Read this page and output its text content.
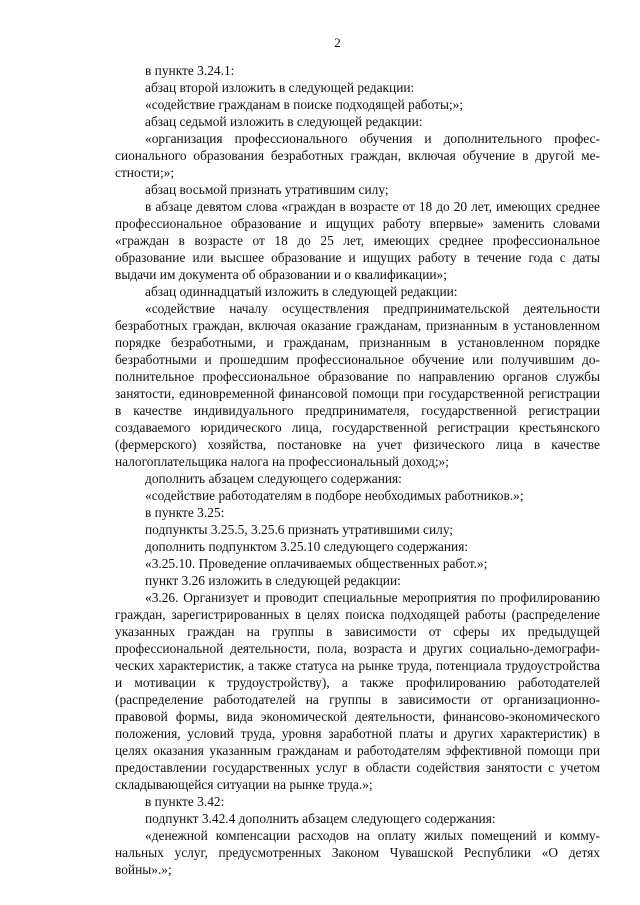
2

в пункте 3.24.1:

абзац второй изложить в следующей редакции:

«содействие гражданам в поиске подходящей работы;»;

абзац седьмой изложить в следующей редакции:

«организация профессионального обучения и дополнительного профессионального образования безработных граждан, включая обучение в другой местности;»;

абзац восьмой признать утратившим силу;

в абзаце девятом слова «граждан в возрасте от 18 до 20 лет, имеющих среднее профессиональное образование и ищущих работу впервые» заменить словами «граждан в возрасте от 18 до 25 лет, имеющих среднее профессиональное образование или высшее образование и ищущих работу в течение года с даты выдачи им документа об образовании и о квалификации»;

абзац одиннадцатый изложить в следующей редакции:

«содействие началу осуществления предпринимательской деятельности безработных граждан, включая оказание гражданам, признанным в установленном порядке безработными, и гражданам, признанным в установленном порядке безработными и прошедшим профессиональное обучение или получившим дополнительное профессиональное образование по направлению органов службы занятости, единовременной финансовой помощи при государственной регистрации в качестве индивидуального предпринимателя, государственной регистрации создаваемого юридического лица, государственной регистрации крестьянского (фермерского) хозяйства, постановке на учет физического лица в качестве налогоплательщика налога на профессиональный доход;»;

дополнить абзацем следующего содержания:

«содействие работодателям в подборе необходимых работников.»;

в пункте 3.25:

подпункты 3.25.5, 3.25.6 признать утратившими силу;

дополнить подпунктом 3.25.10 следующего содержания:

«3.25.10. Проведение оплачиваемых общественных работ.»;

пункт 3.26 изложить в следующей редакции:

«3.26. Организует и проводит специальные мероприятия по профилированию граждан, зарегистрированных в целях поиска подходящей работы (распределение указанных граждан на группы в зависимости от сферы их предыдущей профессиональной деятельности, пола, возраста и других социально-демографических характеристик, а также статуса на рынке труда, потенциала трудоустройства и мотивации к трудоустройству), а также профилированию работодателей (распределение работодателей на группы в зависимости от организационно-правовой формы, вида экономической деятельности, финансово-экономического положения, условий труда, уровня заработной платы и других характеристик) в целях оказания указанным гражданам и работодателям эффективной помощи при предоставлении государственных услуг в области содействия занятости с учетом складывающейся ситуации на рынке труда.»;

в пункте 3.42:

подпункт 3.42.4 дополнить абзацем следующего содержания:

«денежной компенсации расходов на оплату жилых помещений и коммунальных услуг, предусмотренных Законом Чувашской Республики «О детях войны».»;
